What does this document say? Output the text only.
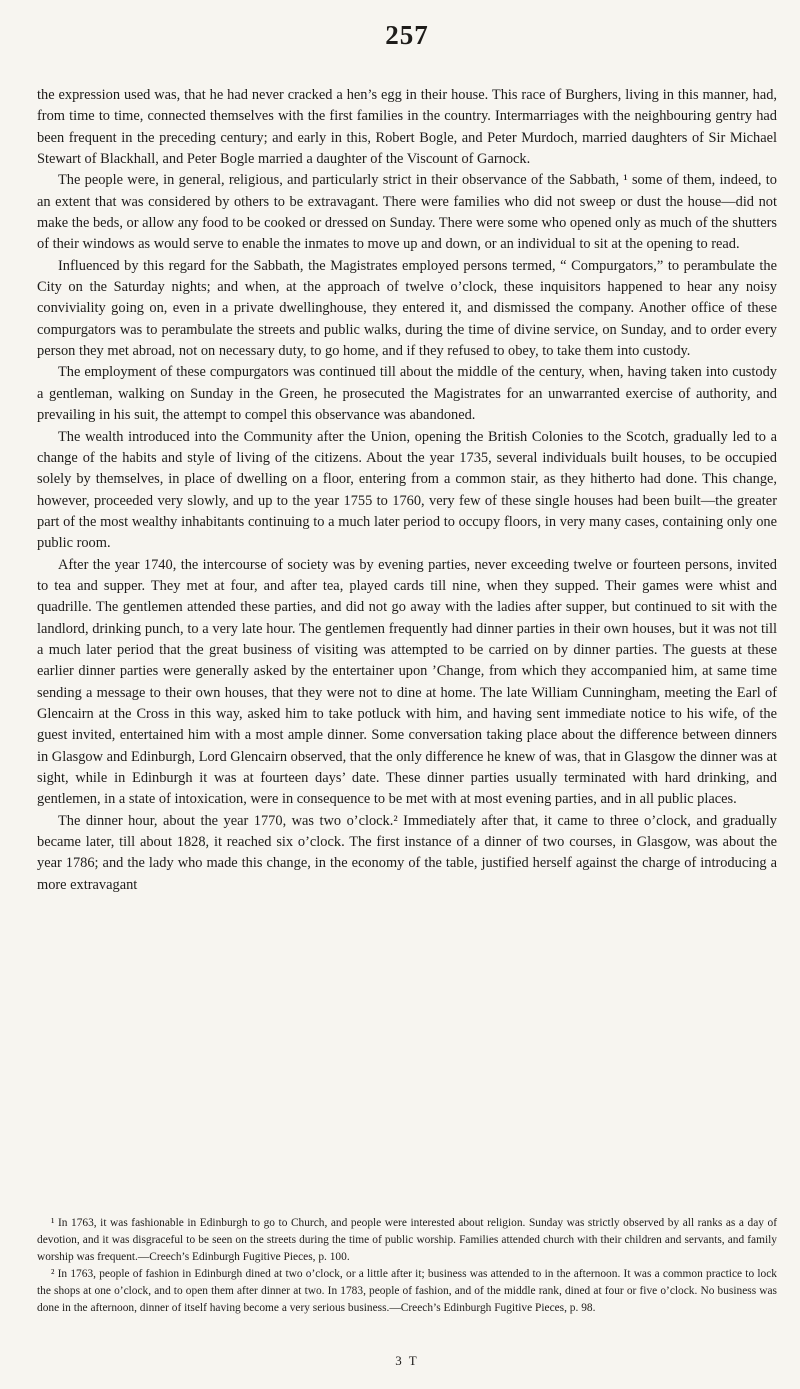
257

the expression used was, that he had never cracked a hen’s egg in their house. This race of Burghers, living in this manner, had, from time to time, connected themselves with the first families in the country. Intermarriages with the neighbouring gentry had been frequent in the preceding century; and early in this, Robert Bogle, and Peter Murdoch, married daughters of Sir Michael Stewart of Blackhall, and Peter Bogle married a daughter of the Viscount of Garnock.

The people were, in general, religious, and particularly strict in their observance of the Sabbath, ¹ some of them, indeed, to an extent that was considered by others to be extravagant. There were families who did not sweep or dust the house—did not make the beds, or allow any food to be cooked or dressed on Sunday. There were some who opened only as much of the shutters of their windows as would serve to enable the inmates to move up and down, or an individual to sit at the opening to read.

Influenced by this regard for the Sabbath, the Magistrates employed persons termed, “ Compurgators,” to perambulate the City on the Saturday nights; and when, at the approach of twelve o’clock, these inquisitors happened to hear any noisy conviviality going on, even in a private dwellinghouse, they entered it, and dismissed the company. Another office of these compurgators was to perambulate the streets and public walks, during the time of divine service, on Sunday, and to order every person they met abroad, not on necessary duty, to go home, and if they refused to obey, to take them into custody.

The employment of these compurgators was continued till about the middle of the century, when, having taken into custody a gentleman, walking on Sunday in the Green, he prosecuted the Magistrates for an unwarranted exercise of authority, and prevailing in his suit, the attempt to compel this observance was abandoned.

The wealth introduced into the Community after the Union, opening the British Colonies to the Scotch, gradually led to a change of the habits and style of living of the citizens. About the year 1735, several individuals built houses, to be occupied solely by themselves, in place of dwelling on a floor, entering from a common stair, as they hitherto had done. This change, however, proceeded very slowly, and up to the year 1755 to 1760, very few of these single houses had been built—the greater part of the most wealthy inhabitants continuing to a much later period to occupy floors, in very many cases, containing only one public room.

After the year 1740, the intercourse of society was by evening parties, never exceeding twelve or fourteen persons, invited to tea and supper. They met at four, and after tea, played cards till nine, when they supped. Their games were whist and quadrille. The gentlemen attended these parties, and did not go away with the ladies after supper, but continued to sit with the landlord, drinking punch, to a very late hour. The gentlemen frequently had dinner parties in their own houses, but it was not till a much later period that the great business of visiting was attempted to be carried on by dinner parties. The guests at these earlier dinner parties were generally asked by the entertainer upon ’Change, from which they accompanied him, at same time sending a message to their own houses, that they were not to dine at home. The late William Cunningham, meeting the Earl of Glencairn at the Cross in this way, asked him to take potluck with him, and having sent immediate notice to his wife, of the guest invited, entertained him with a most ample dinner. Some conversation taking place about the difference between dinners in Glasgow and Edinburgh, Lord Glencairn observed, that the only difference he knew of was, that in Glasgow the dinner was at sight, while in Edinburgh it was at fourteen days’ date. These dinner parties usually terminated with hard drinking, and gentlemen, in a state of intoxication, were in consequence to be met with at most evening parties, and in all public places.

The dinner hour, about the year 1770, was two o’clock.² Immediately after that, it came to three o’clock, and gradually became later, till about 1828, it reached six o’clock. The first instance of a dinner of two courses, in Glasgow, was about the year 1786; and the lady who made this change, in the economy of the table, justified herself against the charge of introducing a more extravagant

¹ In 1763, it was fashionable in Edinburgh to go to Church, and people were interested about religion. Sunday was strictly observed by all ranks as a day of devotion, and it was disgraceful to be seen on the streets during the time of public worship. Families attended church with their children and servants, and family worship was frequent.—Creech’s Edinburgh Fugitive Pieces, p. 100.

² In 1763, people of fashion in Edinburgh dined at two o’clock, or a little after it; business was attended to in the afternoon. It was a common practice to lock the shops at one o’clock, and to open them after dinner at two. In 1783, people of fashion, and of the middle rank, dined at four or five o’clock. No business was done in the afternoon, dinner of itself having become a very serious business.—Creech’s Edinburgh Fugitive Pieces, p. 98.

3 T
